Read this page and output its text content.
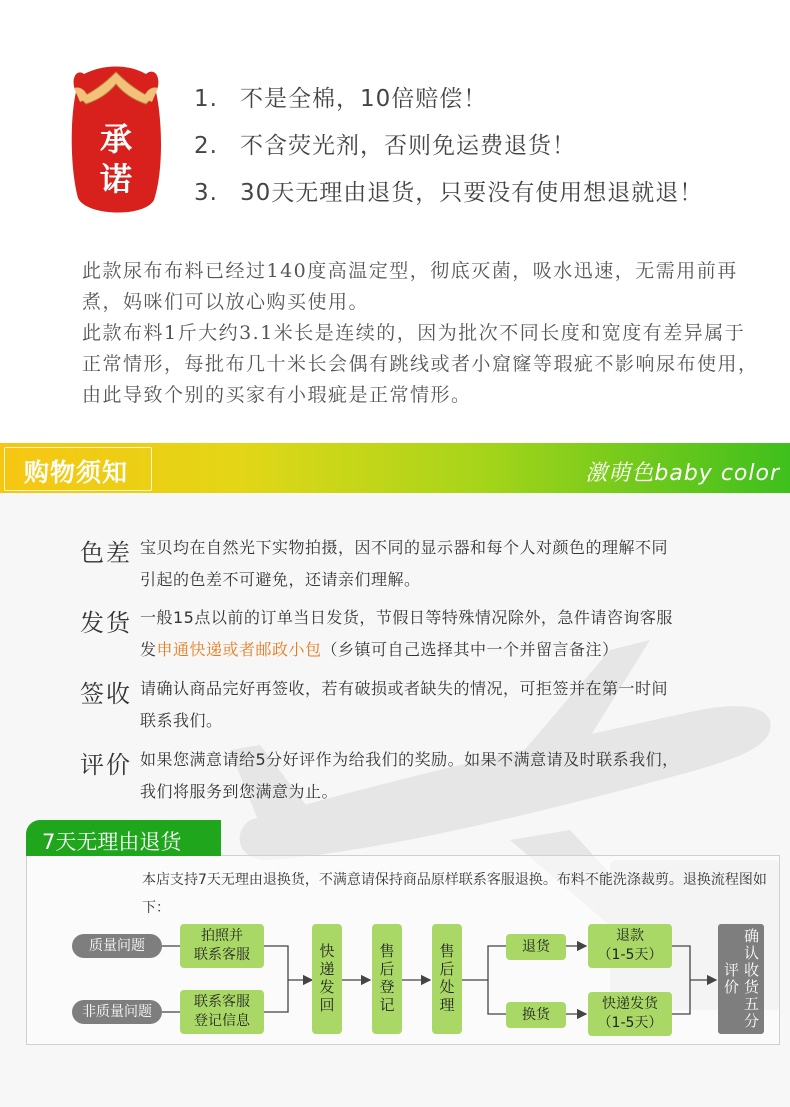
承
诺
1. 不是全棉，10倍赔偿！
2. 不含荧光剂，否则免运费退货！
3. 30天无理由退货，只要没有使用想退就退！

此款尿布布料已经过140度高温定型，彻底灭菌，吸水迅速，无需用前再煮，妈咪们可以放心购买使用。

此款布料1斤大约3.1米长是连续的，因为批次不同长度和宽度有差异属于正常情形，每批布几十米长会偶有跳线或者小窟窿等瑕疵不影响尿布使用，由此导致个别的买家有小瑕疵是正常情形。

购物须知	激萌色baby color
色差 宝贝均在自然光下实物拍摄，因不同的显示器和每个人对颜色的理解不同
引起的色差不可避免，还请亲们理解。
发货 一般15点以前的订单当日发货，节假日等特殊情况除外，急件请咨询客服
发申通快递或者邮政小包（乡镇可自己选择其中一个并留言备注）
签收 请确认商品完好再签收，若有破损或者缺失的情况，可拒签并在第一时间
联系我们。
评价 如果您满意请给5分好评作为给我们的奖励。如果不满意请及时联系我们，
我们将服务到您满意为止。
7天无理由退货
本店支持7天无理由退换货，不满意请保持商品原样联系客服退换。布料不能洗涤裁剪。退换流程图如下：
质量问题
非质量问题
拍照并
联系客服
联系客服
登记信息
快递发回	售后登记	售后处理	退货
换货
退款
（1-5天）
快递发货
（1-5天）	确认收货五分评价
